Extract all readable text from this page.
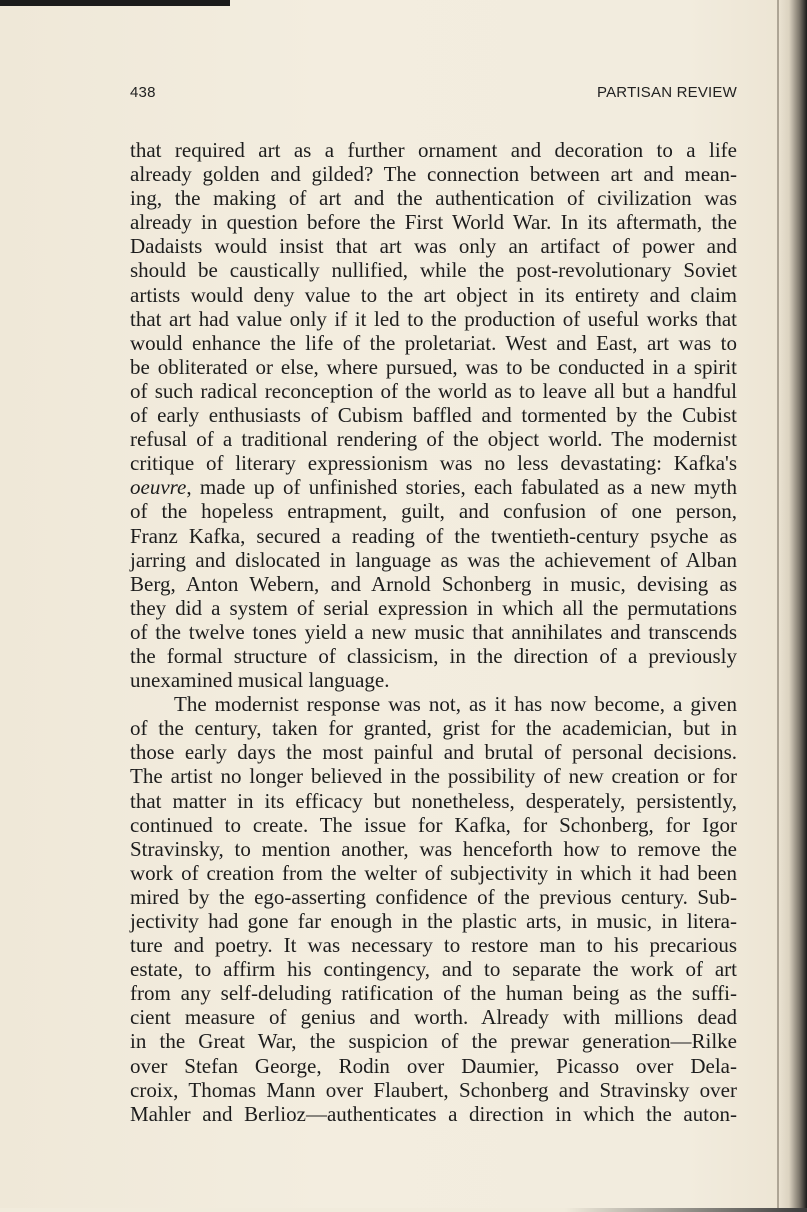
438	PARTISAN REVIEW
that required art as a further ornament and decoration to a life
already golden and gilded? The connection between art and mean-
ing, the making of art and the authentication of civilization was
already in question before the First World War. In its aftermath, the
Dadaists would insist that art was only an artifact of power and
should be caustically nullified, while the post-revolutionary Soviet
artists would deny value to the art object in its entirety and claim
that art had value only if it led to the production of useful works that
would enhance the life of the proletariat. West and East, art was to
be obliterated or else, where pursued, was to be conducted in a spirit
of such radical reconception of the world as to leave all but a handful
of early enthusiasts of Cubism baffled and tormented by the Cubist
refusal of a traditional rendering of the object world. The modernist
critique of literary expressionism was no less devastating: Kafka's
oeuvre, made up of unfinished stories, each fabulated as a new myth
of the hopeless entrapment, guilt, and confusion of one person,
Franz Kafka, secured a reading of the twentieth-century psyche as
jarring and dislocated in language as was the achievement of Alban
Berg, Anton Webern, and Arnold Schonberg in music, devising as
they did a system of serial expression in which all the permutations
of the twelve tones yield a new music that annihilates and transcends
the formal structure of classicism, in the direction of a previously
unexamined musical language.
The modernist response was not, as it has now become, a given
of the century, taken for granted, grist for the academician, but in
those early days the most painful and brutal of personal decisions.
The artist no longer believed in the possibility of new creation or for
that matter in its efficacy but nonetheless, desperately, persistently,
continued to create. The issue for Kafka, for Schonberg, for Igor
Stravinsky, to mention another, was henceforth how to remove the
work of creation from the welter of subjectivity in which it had been
mired by the ego-asserting confidence of the previous century. Sub-
jectivity had gone far enough in the plastic arts, in music, in litera-
ture and poetry. It was necessary to restore man to his precarious
estate, to affirm his contingency, and to separate the work of art
from any self-deluding ratification of the human being as the suffi-
cient measure of genius and worth. Already with millions dead
in the Great War, the suspicion of the prewar generation—Rilke
over Stefan George, Rodin over Daumier, Picasso over Dela-
croix, Thomas Mann over Flaubert, Schonberg and Stravinsky over
Mahler and Berlioz—authenticates a direction in which the auton-
